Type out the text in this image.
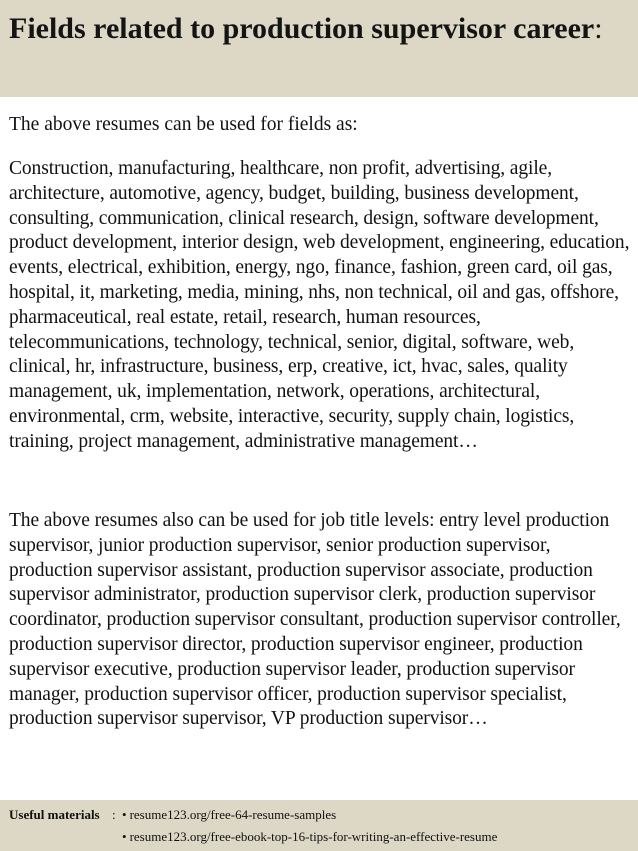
Fields related to production supervisor career:

The above resumes can be used for fields as:

Construction, manufacturing, healthcare, non profit, advertising, agile, architecture, automotive, agency, budget, building, business development, consulting, communication, clinical research, design, software development, product development, interior design, web development, engineering, education, events, electrical, exhibition, energy, ngo, finance, fashion, green card, oil gas, hospital, it, marketing, media, mining, nhs, non technical, oil and gas, offshore, pharmaceutical, real estate, retail, research, human resources, telecommunications, technology, technical, senior, digital, software, web, clinical, hr, infrastructure, business, erp, creative, ict, hvac, sales, quality management, uk, implementation, network, operations, architectural, environmental, crm, website, interactive, security, supply chain, logistics, training, project management, administrative management…

The above resumes also can be used for job title levels: entry level production supervisor, junior production supervisor, senior production supervisor, production supervisor assistant, production supervisor associate, production supervisor administrator, production supervisor clerk, production supervisor coordinator, production supervisor consultant, production supervisor controller, production supervisor director, production supervisor engineer, production supervisor executive, production supervisor leader, production supervisor manager, production supervisor officer, production supervisor specialist, production supervisor supervisor, VP production supervisor…

Useful materials : • resume123.org/free-64-resume-samples
• resume123.org/free-ebook-top-16-tips-for-writing-an-effective-resume
